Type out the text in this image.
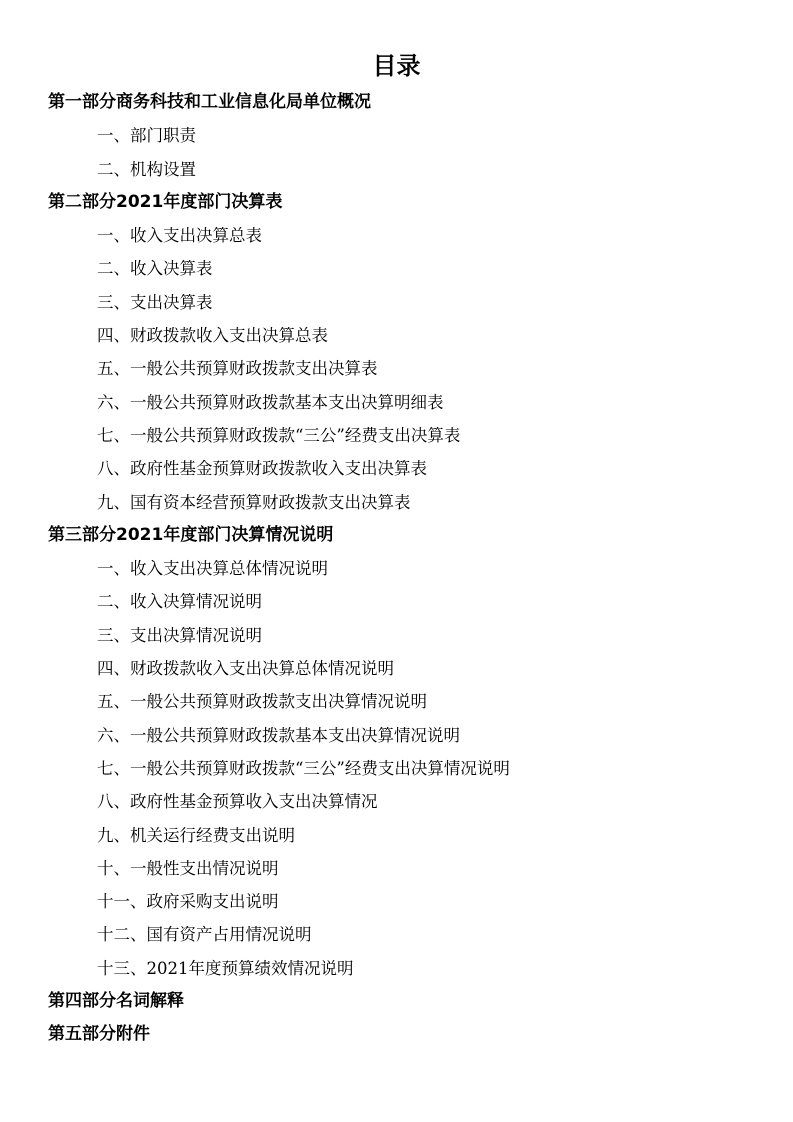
目录
第一部分商务科技和工业信息化局单位概况
一、部门职责
二、机构设置
第二部分2021年度部门决算表
一、收入支出决算总表
二、收入决算表
三、支出决算表
四、财政拨款收入支出决算总表
五、一般公共预算财政拨款支出决算表
六、一般公共预算财政拨款基本支出决算明细表
七、一般公共预算财政拨款“三公”经费支出决算表
八、政府性基金预算财政拨款收入支出决算表
九、国有资本经营预算财政拨款支出决算表
第三部分2021年度部门决算情况说明
一、收入支出决算总体情况说明
二、收入决算情况说明
三、支出决算情况说明
四、财政拨款收入支出决算总体情况说明
五、一般公共预算财政拨款支出决算情况说明
六、一般公共预算财政拨款基本支出决算情况说明
七、一般公共预算财政拨款“三公”经费支出决算情况说明
八、政府性基金预算收入支出决算情况
九、机关运行经费支出说明
十、一般性支出情况说明
十一、政府采购支出说明
十二、国有资产占用情况说明
十三、2021年度预算绩效情况说明
第四部分名词解释
第五部分附件
